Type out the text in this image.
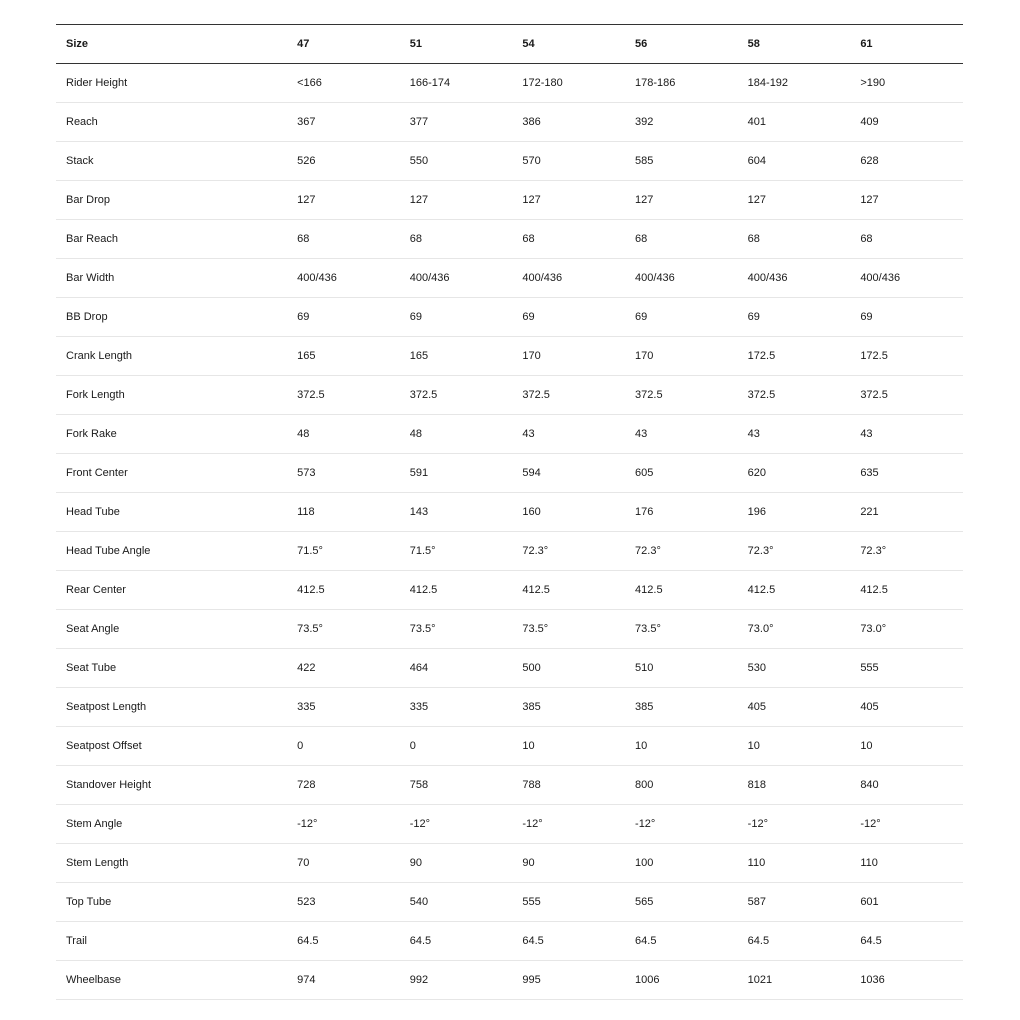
Size	47	51	54	56	58	61
Rider Height	<166	166-174	172-180	178-186	184-192	>190
Reach	367	377	386	392	401	409
Stack	526	550	570	585	604	628
Bar Drop	127	127	127	127	127	127
Bar Reach	68	68	68	68	68	68
Bar Width	400/436	400/436	400/436	400/436	400/436	400/436
BB Drop	69	69	69	69	69	69
Crank Length	165	165	170	170	172.5	172.5
Fork Length	372.5	372.5	372.5	372.5	372.5	372.5
Fork Rake	48	48	43	43	43	43
Front Center	573	591	594	605	620	635
Head Tube	118	143	160	176	196	221
Head Tube Angle	71.5°	71.5°	72.3°	72.3°	72.3°	72.3°
Rear Center	412.5	412.5	412.5	412.5	412.5	412.5
Seat Angle	73.5°	73.5°	73.5°	73.5°	73.0°	73.0°
Seat Tube	422	464	500	510	530	555
Seatpost Length	335	335	385	385	405	405
Seatpost Offset	0	0	10	10	10	10
Standover Height	728	758	788	800	818	840
Stem Angle	-12°	-12°	-12°	-12°	-12°	-12°
Stem Length	70	90	90	100	110	110
Top Tube	523	540	555	565	587	601
Trail	64.5	64.5	64.5	64.5	64.5	64.5
Wheelbase	974	992	995	1006	1021	1036
